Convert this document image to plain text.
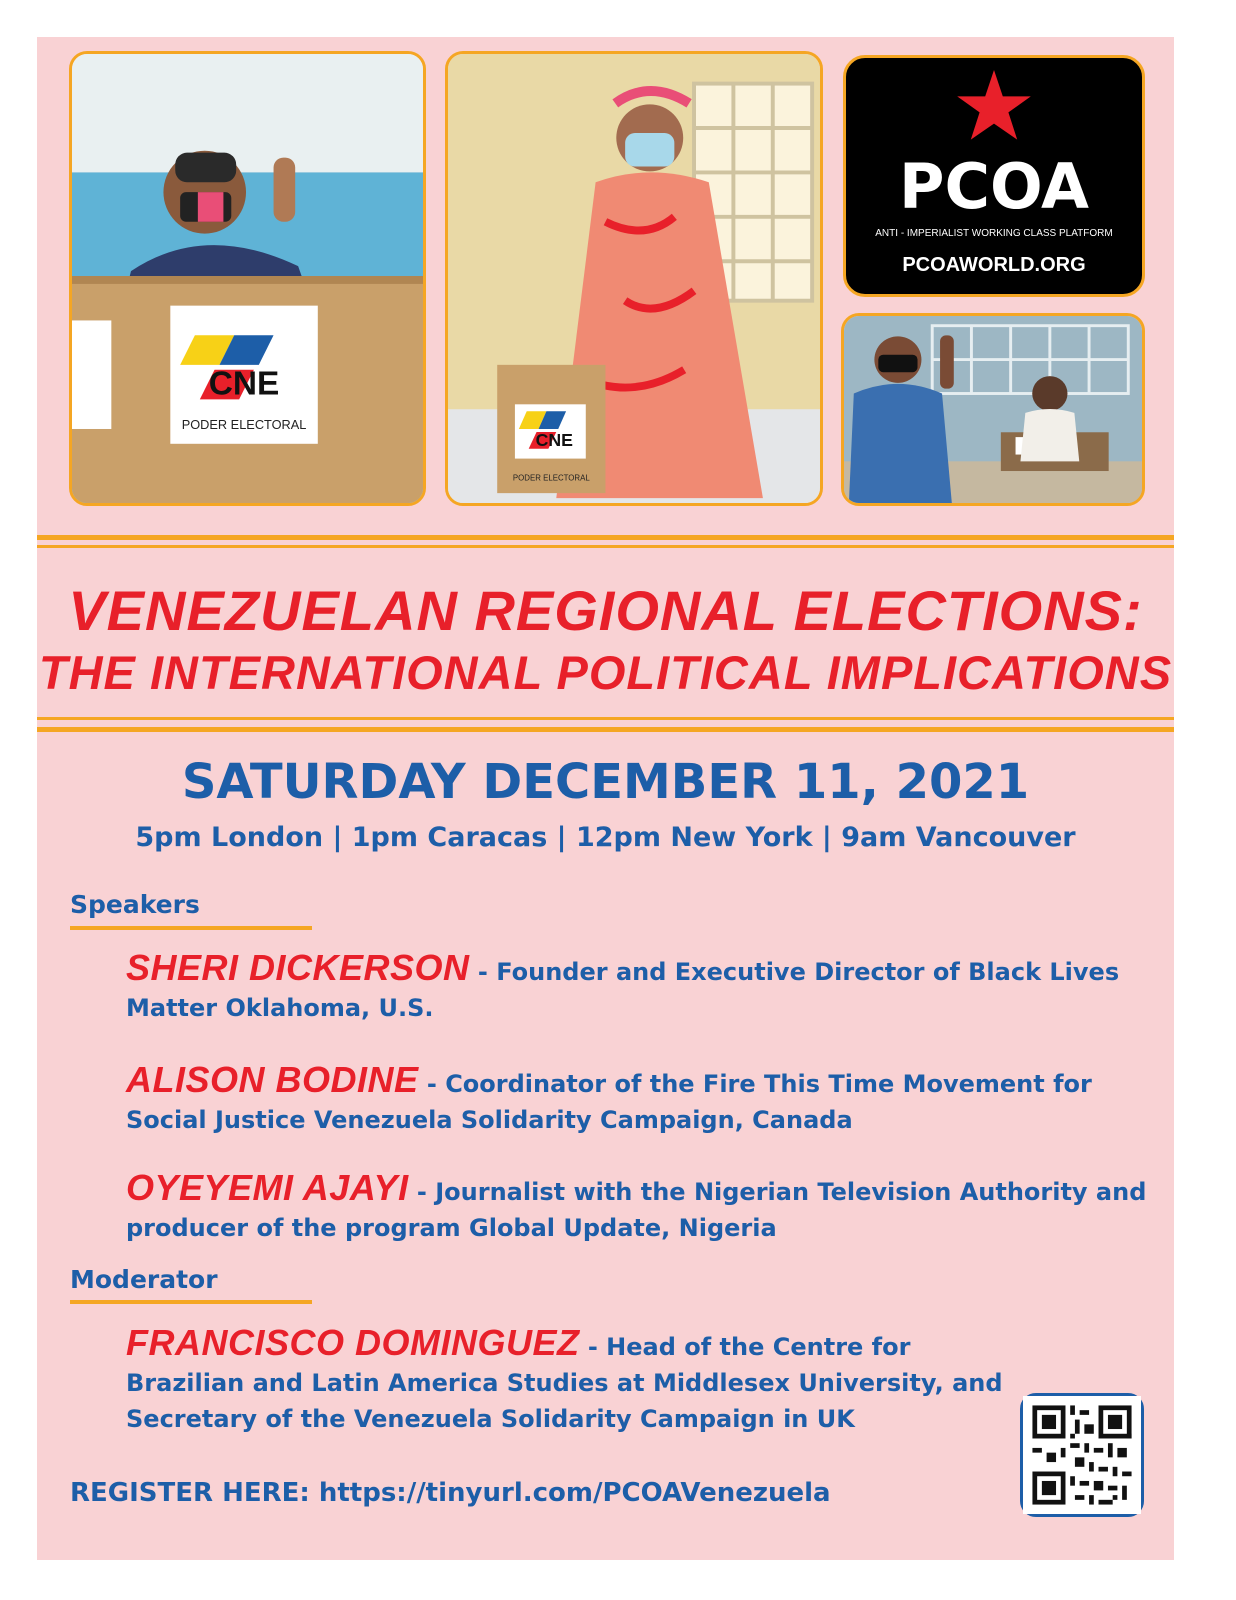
CNE
PODER ELECTORAL
CNE
PODER ELECTORAL
PCOA
ANTI - IMPERIALIST WORKING CLASS PLATFORM
PCOAWORLD.ORG
VENEZUELAN REGIONAL ELECTIONS:
THE INTERNATIONAL POLITICAL IMPLICATIONS
SATURDAY DECEMBER 11, 2021
5pm London | 1pm Caracas | 12pm New York | 9am Vancouver
Speakers
SHERI DICKERSON - Founder and Executive Director of Black Lives Matter Oklahoma, U.S.
ALISON BODINE - Coordinator of the Fire This Time Movement for Social Justice Venezuela Solidarity Campaign, Canada
OYEYEMI AJAYI - Journalist with the Nigerian Television Authority and producer of the program Global Update, Nigeria
Moderator
FRANCISCO DOMINGUEZ - Head of the Centre for Brazilian and Latin America Studies at Middlesex University, and Secretary of the Venezuela Solidarity Campaign in UK
REGISTER HERE: https://tinyurl.com/PCOAVenezuela
